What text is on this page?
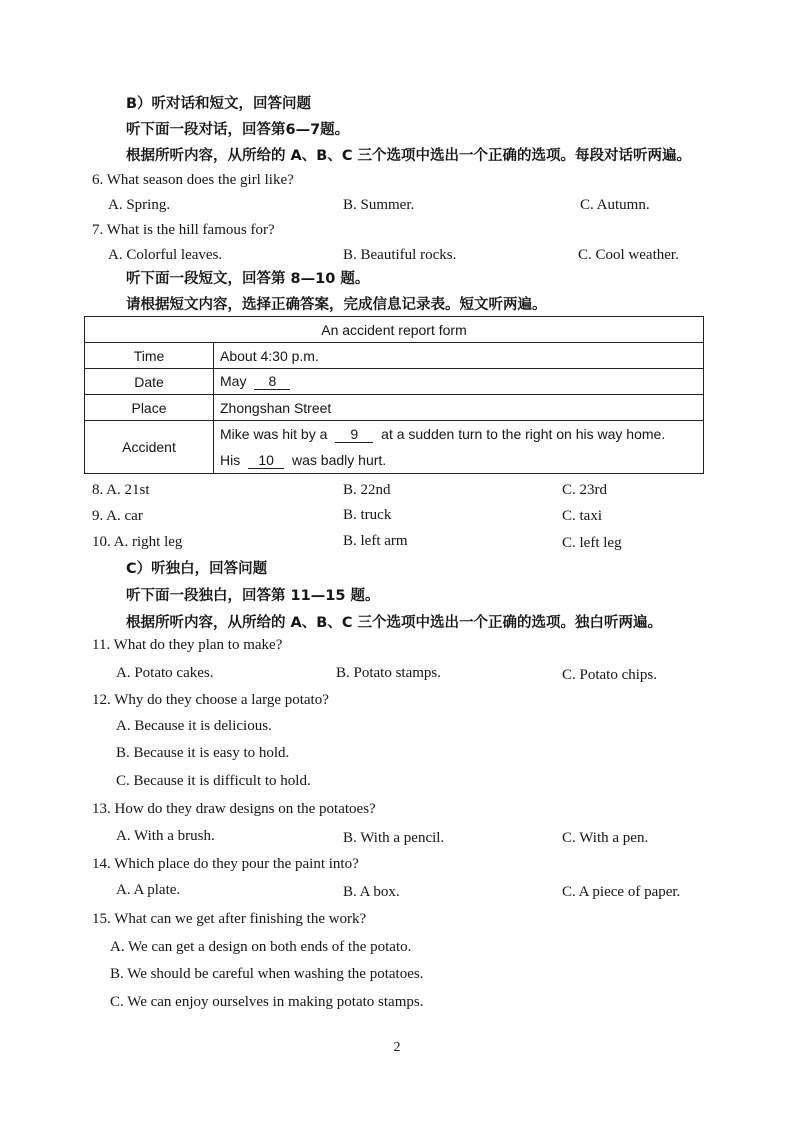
B）听对话和短文，回答问题
听下面一段对话，回答第6—7题。
根据所听内容，从所给的 A、B、C 三个选项中选出一个正确的选项。每段对话听两遍。
6. What season does the girl like?
A. Spring.	B. Summer.	C. Autumn.
7. What is the hill famous for?
A. Colorful leaves.	B. Beautiful rocks.	C. Cool weather.
听下面一段短文，回答第 8—10 题。
请根据短文内容，选择正确答案，完成信息记录表。短文听两遍。
An accident report form	
Time	About 4:30 p.m.
Date	May 8
Place	Zhongshan Street
Accident	Mike was hit by a 9 at a sudden turn to the right on his way home.
His 10 was badly hurt.
8. A. 21st	B. 22nd	C. 23rd
9. A. car	B. truck	C. taxi
10. A. right leg	B. left arm	C. left leg
C）听独白，回答问题
听下面一段独白，回答第 11—15 题。
根据所听内容，从所给的 A、B、C 三个选项中选出一个正确的选项。独白听两遍。
11. What do they plan to make?
A. Potato cakes.	B. Potato stamps.	C. Potato chips.
12. Why do they choose a large potato?
A. Because it is delicious.
B. Because it is easy to hold.
C. Because it is difficult to hold.
13. How do they draw designs on the potatoes?
A. With a brush.	B. With a pencil.	C. With a pen.
14. Which place do they pour the paint into?
A. A plate.	B. A box.	C. A piece of paper.
15. What can we get after finishing the work?
A. We can get a design on both ends of the potato.
B. We should be careful when washing the potatoes.
C. We can enjoy ourselves in making potato stamps.
2
